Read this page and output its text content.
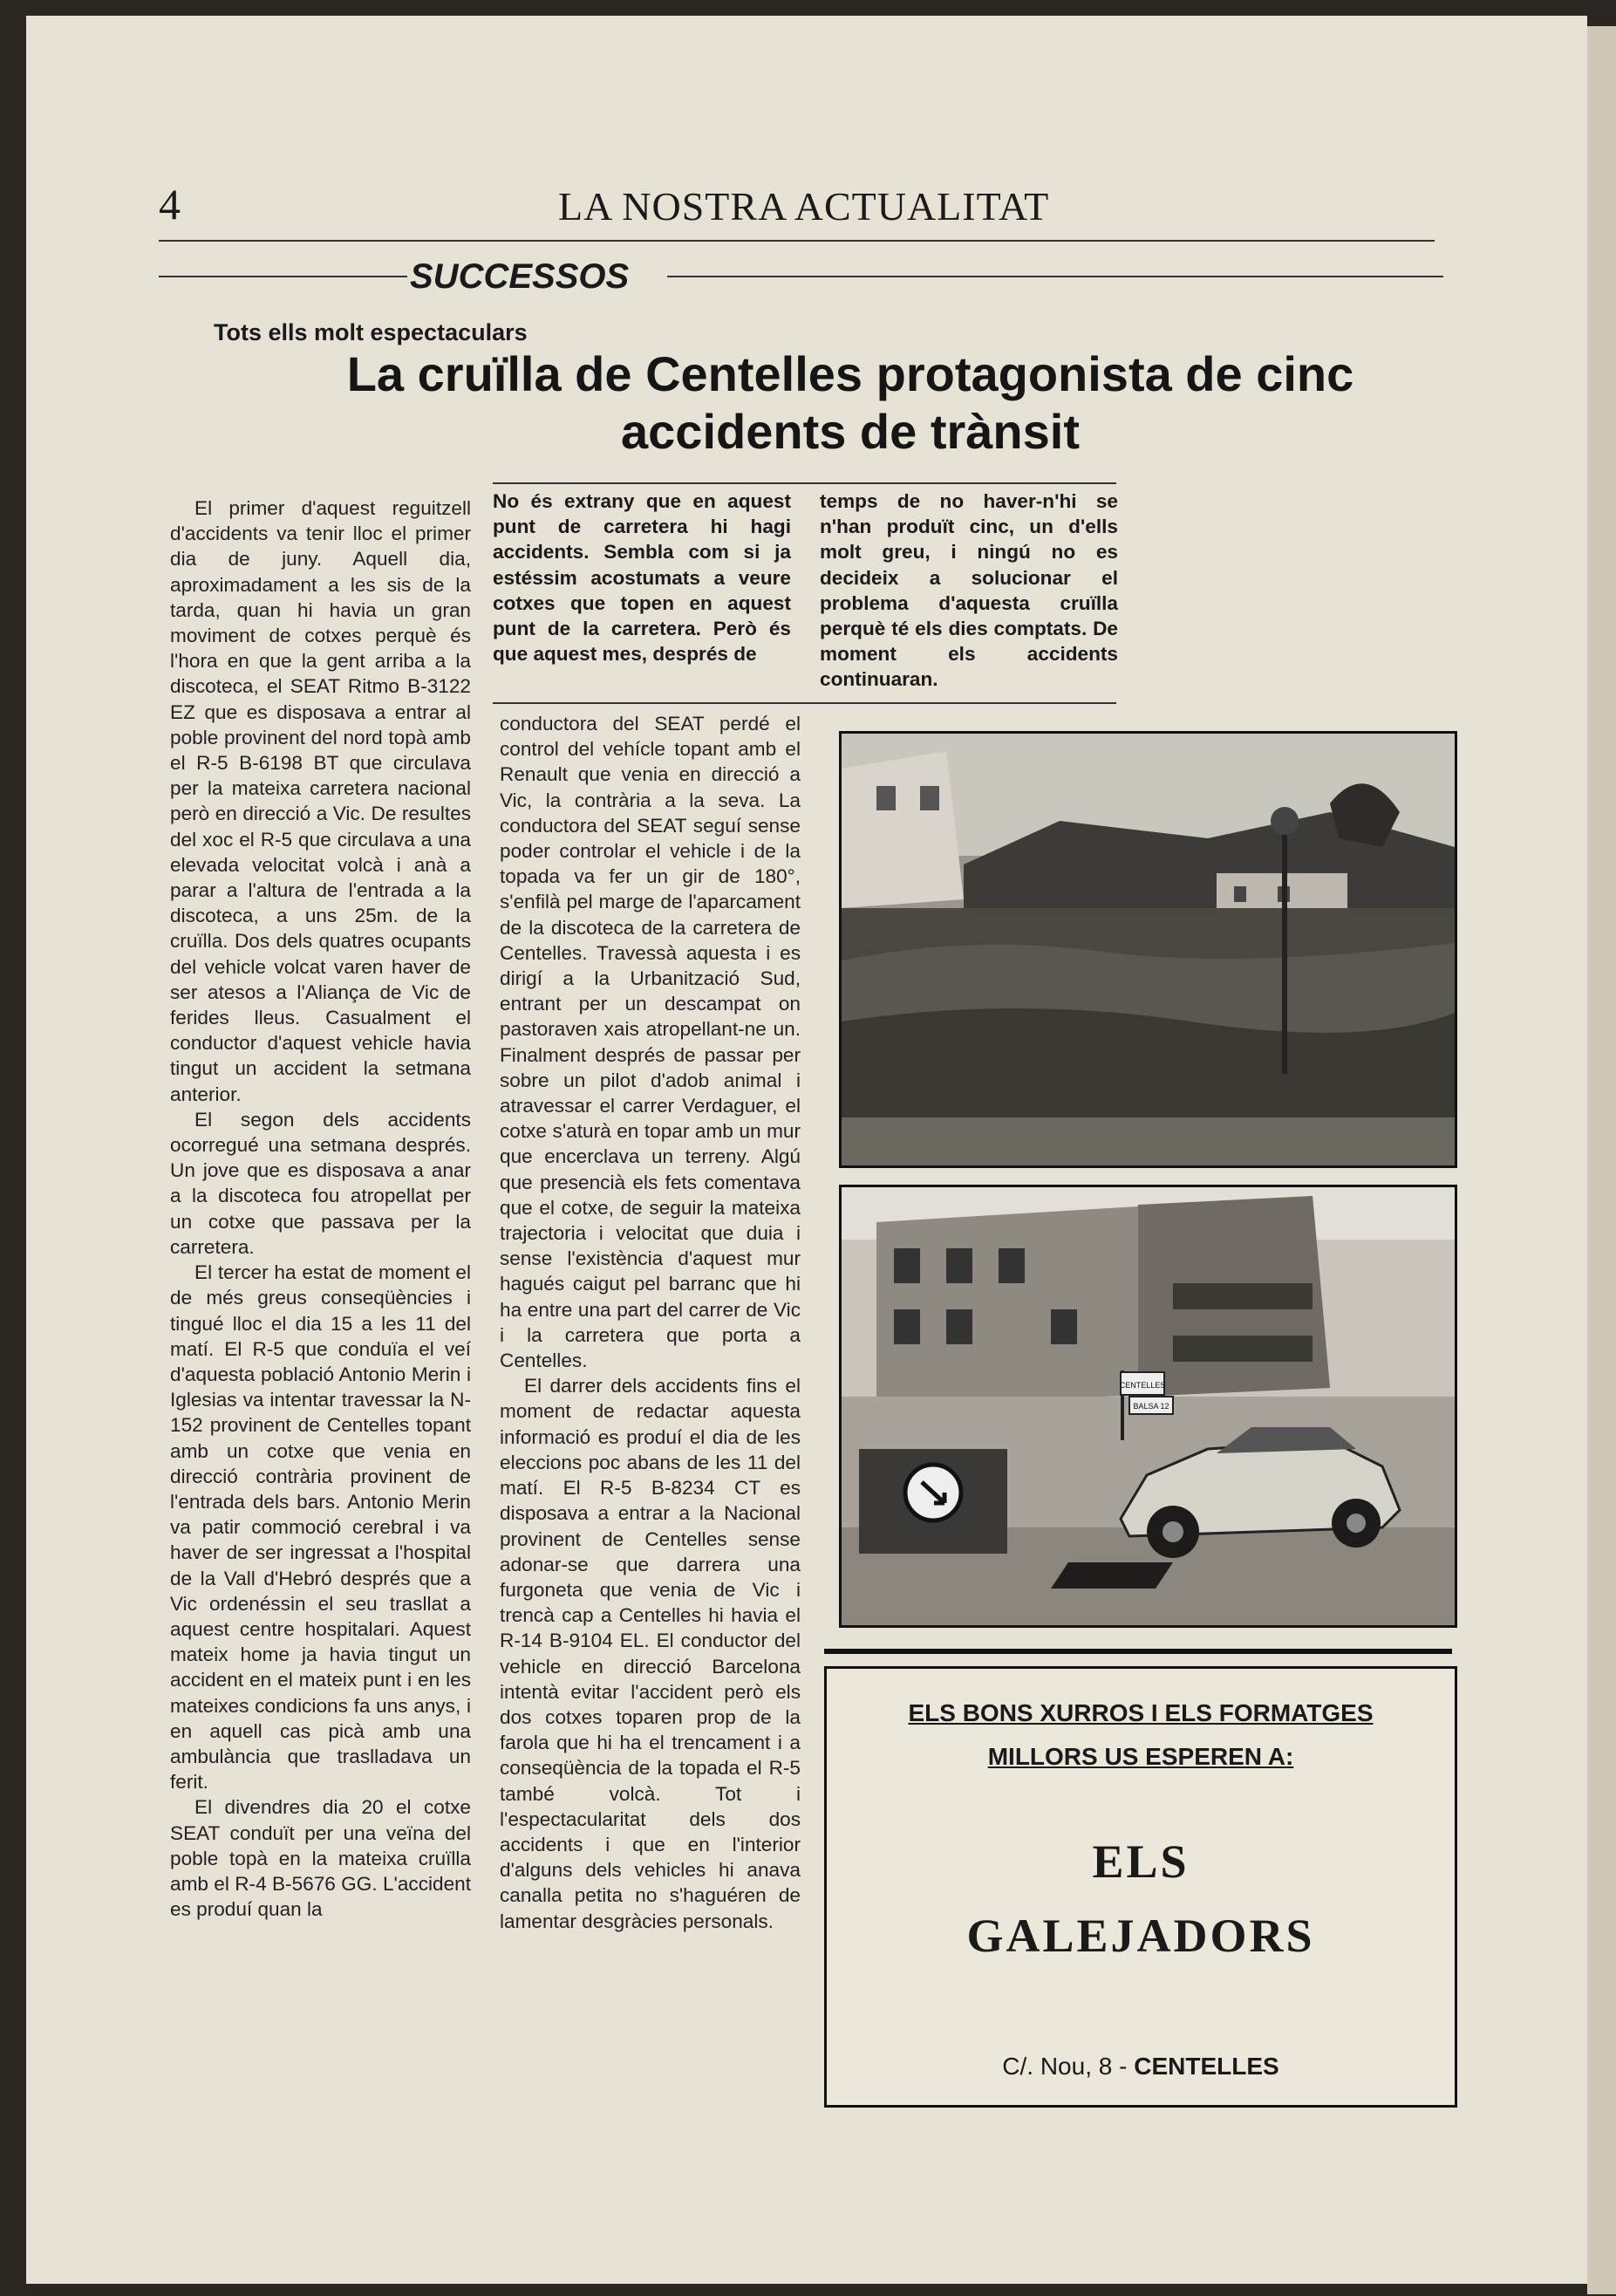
4	LA NOSTRA ACTUALITAT
SUCCESSOS
Tots ells molt espectaculars
La cruïlla de Centelles protagonista de cinc accidents de trànsit
No és extrany que en aquest punt de carretera hi hagi accidents. Sembla com si ja estéssim acostumats a veure cotxes que topen en aquest punt de la carretera. Però és que aquest mes, després de
temps de no haver-n'hi se n'han produït cinc, un d'ells molt greu, i ningú no es decideix a solucionar el problema d'aquesta cruïlla perquè té els dies comptats. De moment els accidents continuaran.

El primer d'aquest reguitzell d'accidents va tenir lloc el primer dia de juny. Aquell dia, aproximadament a les sis de la tarda, quan hi havia un gran moviment de cotxes perquè és l'hora en que la gent arriba a la discoteca, el SEAT Ritmo B-3122 EZ que es disposava a entrar al poble provinent del nord topà amb el R-5 B-6198 BT que circulava per la mateixa carretera nacional però en direcció a Vic. De resultes del xoc el R-5 que circulava a una elevada velocitat volcà i anà a parar a l'altura de l'entrada a la discoteca, a uns 25m. de la cruïlla. Dos dels quatres ocupants del vehicle volcat varen haver de ser atesos a l'Aliança de Vic de ferides lleus. Casualment el conductor d'aquest vehicle havia tingut un accident la setmana anterior.

El segon dels accidents ocorregué una setmana després. Un jove que es disposava a anar a la discoteca fou atropellat per un cotxe que passava per la carretera.

El tercer ha estat de moment el de més greus conseqüències i tingué lloc el dia 15 a les 11 del matí. El R-5 que conduïa el veí d'aquesta població Antonio Merin i Iglesias va intentar travessar la N-152 provinent de Centelles topant amb un cotxe que venia en direcció contrària provinent de l'entrada dels bars. Antonio Merin va patir commoció cerebral i va haver de ser ingressat a l'hospital de la Vall d'Hebró després que a Vic ordenéssin el seu trasllat a aquest centre hospitalari. Aquest mateix home ja havia tingut un accident en el mateix punt i en les mateixes condicions fa uns anys, i en aquell cas picà amb una ambulància que traslladava un ferit.

El divendres dia 20 el cotxe SEAT conduït per una veïna del poble topà en la mateixa cruïlla amb el R-4 B-5676 GG. L'accident es produí quan la

conductora del SEAT perdé el control del vehícle topant amb el Renault que venia en direcció a Vic, la contrària a la seva. La conductora del SEAT seguí sense poder controlar el vehicle i de la topada va fer un gir de 180°, s'enfilà pel marge de l'aparcament de la discoteca de la carretera de Centelles. Travessà aquesta i es dirigí a la Urbanització Sud, entrant per un descampat on pastoraven xais atropellant-ne un. Finalment després de passar per sobre un pilot d'adob animal i atravessar el carrer Verdaguer, el cotxe s'aturà en topar amb un mur que encerclava un terreny. Algú que presencià els fets comentava que el cotxe, de seguir la mateixa trajectoria i velocitat que duia i sense l'existència d'aquest mur hagués caigut pel barranc que hi ha entre una part del carrer de Vic i la carretera que porta a Centelles.

El darrer dels accidents fins el moment de redactar aquesta informació es produí el dia de les eleccions poc abans de les 11 del matí. El R-5 B-8234 CT es disposava a entrar a la Nacional provinent de Centelles sense adonar-se que darrera una furgoneta que venia de Vic i trencà cap a Centelles hi havia el R-14 B-9104 EL. El conductor del vehicle en direcció Barcelona intentà evitar l'accident però els dos cotxes toparen prop de la farola que hi ha el trencament i a conseqüència de la topada el R-5 també volcà. Tot i l'espectacularitat dels dos accidents i que en l'interior d'alguns dels vehicles hi anava canalla petita no s'haguéren de lamentar desgràcies personals.

CENTELLES
BALSA 12
ELS BONS XURROS I ELS FORMATGES
MILLORS US ESPEREN A:
ELS
GALEJADORS
C/. Nou, 8 - CENTELLES
